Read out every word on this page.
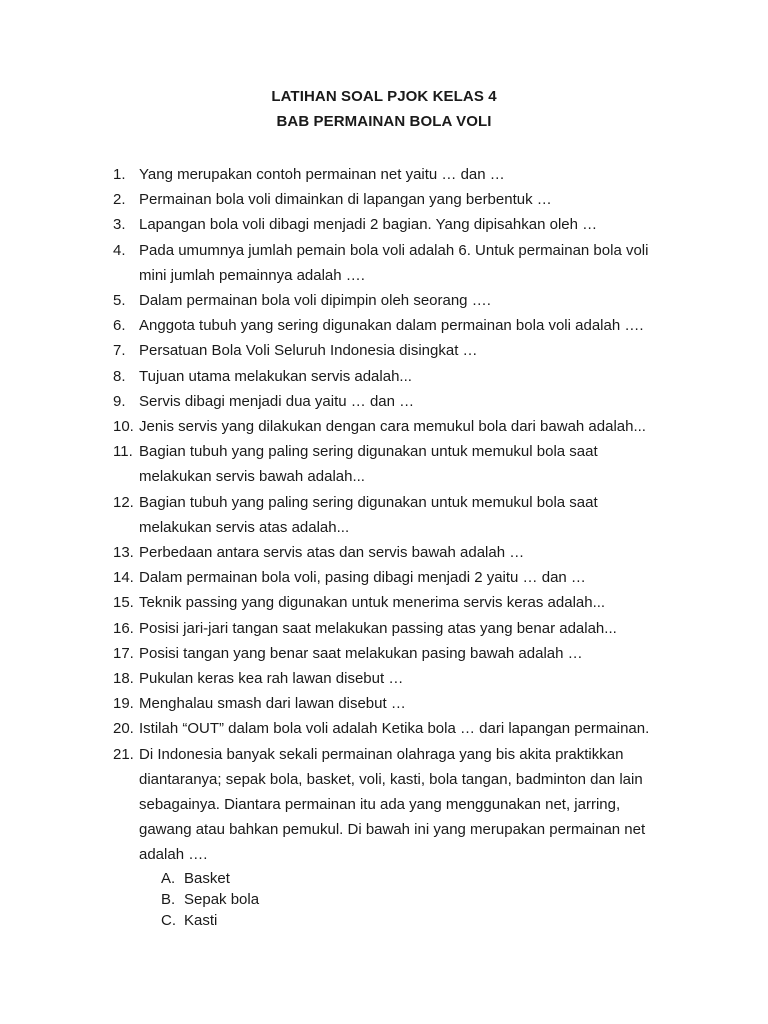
LATIHAN SOAL PJOK KELAS 4
BAB PERMAINAN BOLA VOLI
1. Yang merupakan contoh permainan net yaitu … dan …
2. Permainan bola voli dimainkan di lapangan yang berbentuk …
3. Lapangan bola voli dibagi menjadi 2 bagian. Yang dipisahkan oleh …
4. Pada umumnya jumlah pemain bola voli adalah 6. Untuk permainan bola voli mini jumlah pemainnya adalah ….
5. Dalam permainan bola voli dipimpin oleh seorang ….
6. Anggota tubuh yang sering digunakan dalam permainan bola voli adalah ….
7. Persatuan Bola Voli Seluruh Indonesia disingkat …
8. Tujuan utama melakukan servis adalah...
9. Servis dibagi menjadi dua yaitu … dan …
10. Jenis servis yang dilakukan dengan cara memukul bola dari bawah adalah...
11. Bagian tubuh yang paling sering digunakan untuk memukul bola saat melakukan servis bawah adalah...
12. Bagian tubuh yang paling sering digunakan untuk memukul bola saat melakukan servis atas adalah...
13. Perbedaan antara servis atas dan servis bawah adalah …
14. Dalam permainan bola voli, pasing dibagi menjadi 2 yaitu … dan …
15. Teknik passing yang digunakan untuk menerima servis keras adalah...
16. Posisi jari-jari tangan saat melakukan passing atas yang benar adalah...
17. Posisi tangan yang benar saat melakukan pasing bawah adalah …
18. Pukulan keras kea rah lawan disebut …
19. Menghalau smash dari lawan disebut …
20. Istilah “OUT” dalam bola voli adalah Ketika bola … dari lapangan permainan.
21. Di Indonesia banyak sekali permainan olahraga yang bis akita praktikkan diantaranya; sepak bola, basket, voli, kasti, bola tangan, badminton dan lain sebagainya. Diantara permainan itu ada yang menggunakan net, jarring, gawang atau bahkan pemukul. Di bawah ini yang merupakan permainan net adalah ….
A. Basket
B. Sepak bola
C. Kasti
